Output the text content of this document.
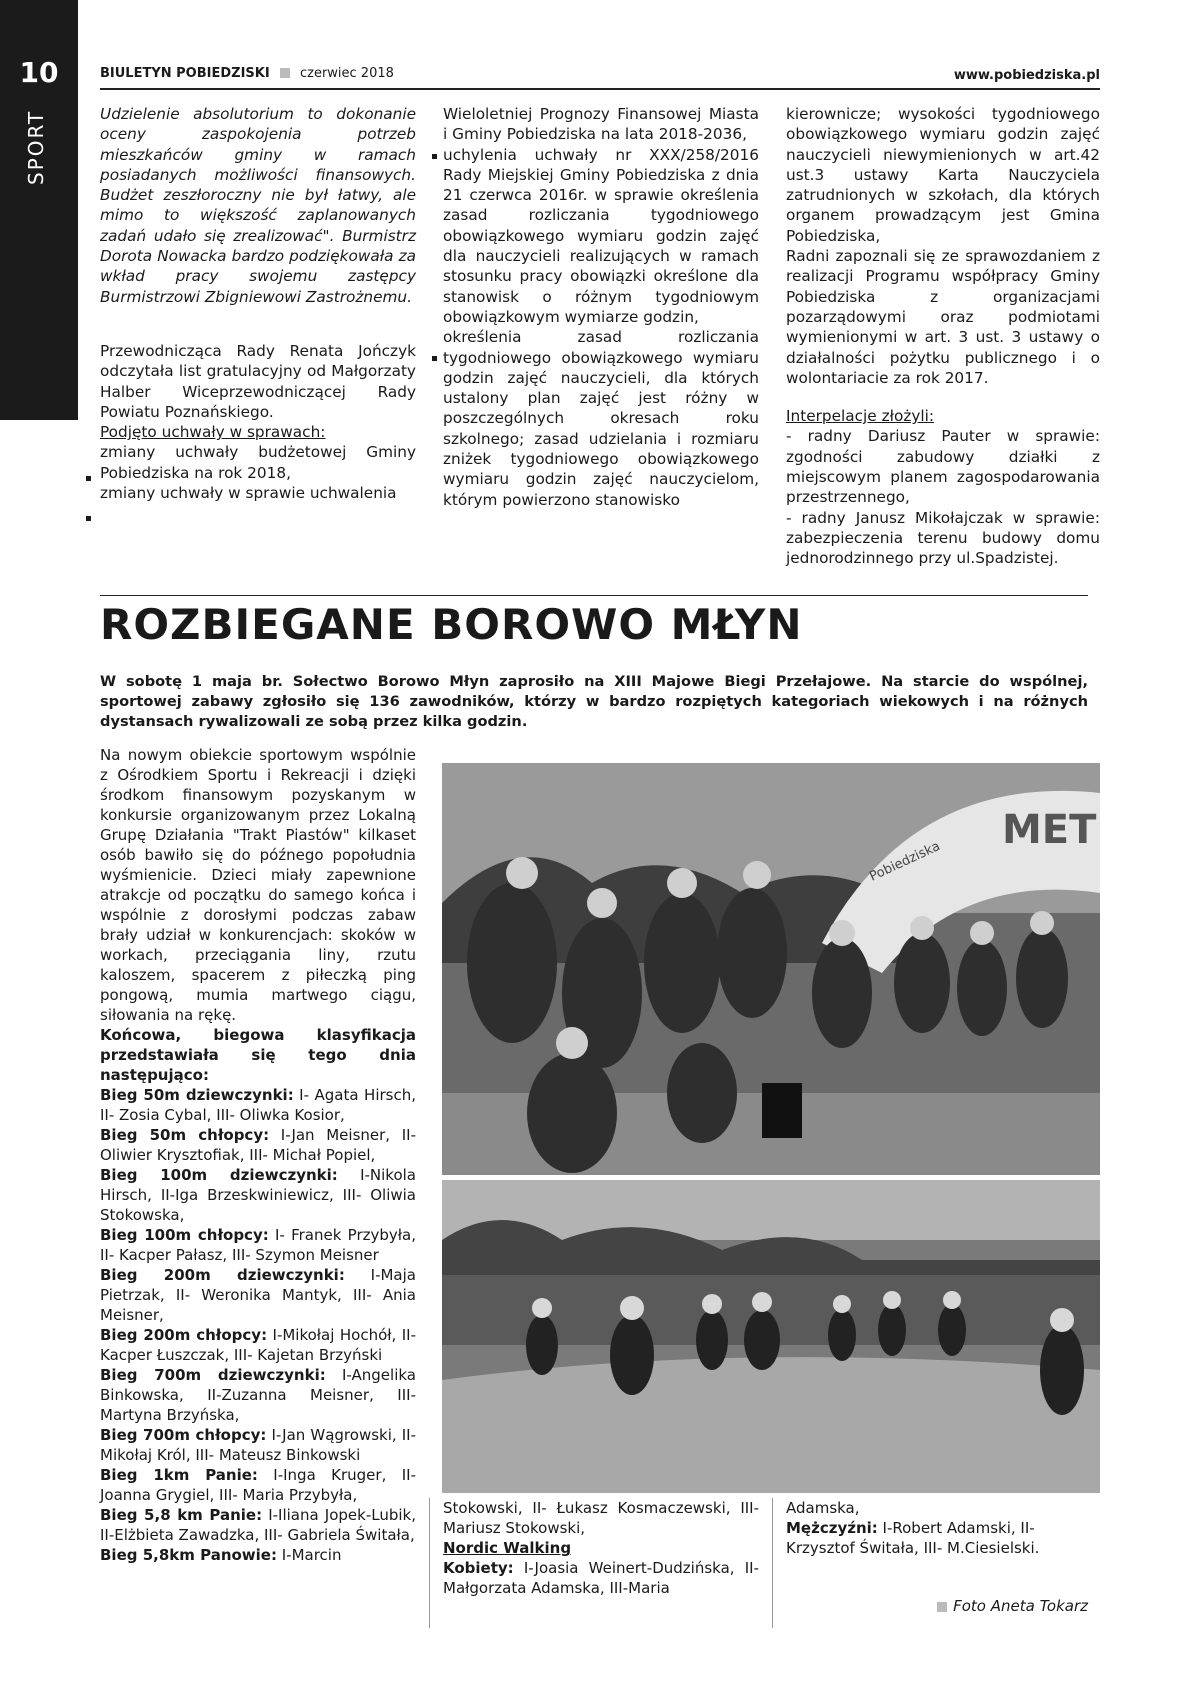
10
SPORT
BIULETYN POBIEDZISKI czerwiec 2018	www.pobiedziska.pl

Udzielenie absolutorium to dokonanie oceny zaspokojenia potrzeb mieszkańców gminy w ramach posiadanych możliwości finansowych. Budżet zeszłoroczny nie był łatwy, ale mimo to większość zaplanowanych zadań udało się zrealizować". Burmistrz Dorota Nowacka bardzo podziękowała za wkład pracy swojemu zastępcy Burmistrzowi Zbigniewowi Zastrożnemu.

Przewodnicząca Rady Renata Jończyk odczytała list gratulacyjny od Małgorzaty Halber Wiceprzewodniczącej Rady Powiatu Poznańskiego.

Podjęto uchwały w sprawach:

zmiany uchwały budżetowej Gminy Pobiedziska na rok 2018,

zmiany uchwały w sprawie uchwalenia

Wieloletniej Prognozy Finansowej Miasta i Gminy Pobiedziska na lata 2018-2036,

uchylenia uchwały nr XXX/258/2016 Rady Miejskiej Gminy Pobiedziska z dnia 21 czerwca 2016r. w sprawie określenia zasad rozliczania tygodniowego obowiązkowego wymiaru godzin zajęć dla nauczycieli realizujących w ramach stosunku pracy obowiązki określone dla stanowisk o różnym tygodniowym obowiązkowym wymiarze godzin,

określenia zasad rozliczania tygodniowego obowiązkowego wymiaru godzin zajęć nauczycieli, dla których ustalony plan zajęć jest różny w poszczególnych okresach roku szkolnego; zasad udzielania i rozmiaru zniżek tygodniowego obowiązkowego wymiaru godzin zajęć nauczycielom, którym powierzono stanowisko

kierownicze; wysokości tygodniowego obowiązkowego wymiaru godzin zajęć nauczycieli niewymienionych w art.42 ust.3 ustawy Karta Nauczyciela zatrudnionych w szkołach, dla których organem prowadzącym jest Gmina Pobiedziska,

Radni zapoznali się ze sprawozdaniem z realizacji Programu współpracy Gminy Pobiedziska z organizacjami pozarządowymi oraz podmiotami wymienionymi w art. 3 ust. 3 ustawy o działalności pożytku publicznego i o wolontariacie za rok 2017.

Interpelacje złożyli:

- radny Dariusz Pauter w sprawie: zgodności zabudowy działki z miejscowym planem zagospodarowania przestrzennego,

- radny Janusz Mikołajczak w sprawie: zabezpieczenia terenu budowy domu jednorodzinnego przy ul.Spadzistej.

ROZBIEGANE BOROWO MŁYN
W sobotę 1 maja br. Sołectwo Borowo Młyn zaprosiło na XIII Majowe Biegi Przełajowe. Na starcie do wspólnej, sportowej zabawy zgłosiło się 136 zawodników, którzy w bardzo rozpiętych kategoriach wiekowych i na różnych dystansach rywalizowali ze sobą przez kilka godzin.

Na nowym obiekcie sportowym wspólnie z Ośrodkiem Sportu i Rekreacji i dzięki środkom finansowym pozyskanym w konkursie organizowanym przez Lokalną Grupę Działania "Trakt Piastów" kilkaset osób bawiło się do późnego popołudnia wyśmienicie. Dzieci miały zapewnione atrakcje od początku do samego końca i wspólnie z dorosłymi podczas zabaw brały udział w konkurencjach: skoków w workach, przeciągania liny, rzutu kaloszem, spacerem z piłeczką ping pongową, mumia martwego ciągu, siłowania na rękę.

Końcowa, biegowa klasyfikacja przedstawiała się tego dnia następująco:

Bieg 50m dziewczynki: I- Agata Hirsch, II- Zosia Cybal, III- Oliwka Kosior,

Bieg 50m chłopcy: I-Jan Meisner, II- Oliwier Krysztofiak, III- Michał Popiel,

Bieg 100m dziewczynki: I-Nikola Hirsch, II-Iga Brzeskwiniewicz, III- Oliwia Stokowska,

Bieg 100m chłopcy: I- Franek Przybyła, II- Kacper Pałasz, III- Szymon Meisner

Bieg 200m dziewczynki: I-Maja Pietrzak, II- Weronika Mantyk, III- Ania Meisner,

Bieg 200m chłopcy: I-Mikołaj Hochół, II- Kacper Łuszczak, III- Kajetan Brzyński

Bieg 700m dziewczynki: I-Angelika Binkowska, II-Zuzanna Meisner, III- Martyna Brzyńska,

Bieg 700m chłopcy: I-Jan Wągrowski, II- Mikołaj Król, III- Mateusz Binkowski

Bieg 1km Panie: I-Inga Kruger, II- Joanna Grygiel, III- Maria Przybyła,

Bieg 5,8 km Panie: I-Iliana Jopek-Lubik, II-Elżbieta Zawadzka, III- Gabriela Świtała,

Bieg 5,8km Panowie: I-Marcin

MET
Pobiedziska

Stokowski, II- Łukasz Kosmaczewski, III- Mariusz Stokowski,

Nordic Walking

Kobiety: I-Joasia Weinert-Dudzińska, II-Małgorzata Adamska, III-Maria

Adamska,

Mężczyźni: I-Robert Adamski, II- Krzysztof Świtała, III- M.Ciesielski.

Foto Aneta Tokarz
